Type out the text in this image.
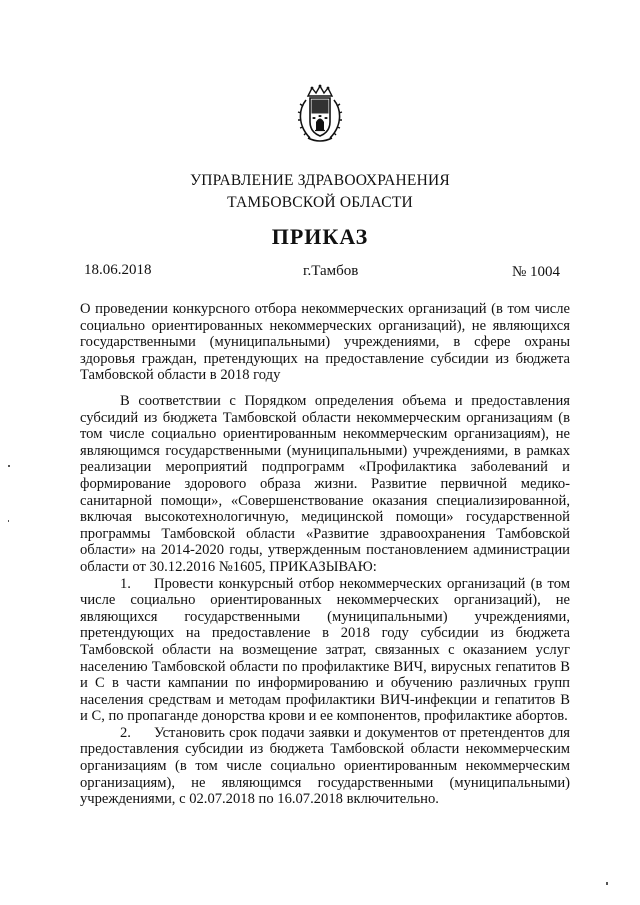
УПРАВЛЕНИЕ ЗДРАВООХРАНЕНИЯ
ТАМБОВСКОЙ ОБЛАСТИ
ПРИКАЗ
18.06.2018	г.Тамбов	№ 1004

О проведении конкурсного отбора некоммерческих организаций (в том числе социально ориентированных некоммерческих организаций), не являющихся государственными (муниципальными) учреждениями, в сфере охраны здоровья граждан, претендующих на предоставление субсидии из бюджета Тамбовской области в 2018 году

В соответствии с Порядком определения объема и предоставления субсидий из бюджета Тамбовской области некоммерческим организациям (в том числе социально ориентированным некоммерческим организациям), не являющимся государственными (муниципальными) учреждениями, в рамках реализации мероприятий подпрограмм «Профилактика заболеваний и формирование здорового образа жизни. Развитие первичной медико-санитарной помощи», «Совершенствование оказания специализированной, включая высокотехнологичную, медицинской помощи» государственной программы Тамбовской области «Развитие здравоохранения Тамбовской области» на 2014-2020 годы, утвержденным постановлением администрации области от 30.12.2016 №1605, ПРИКАЗЫВАЮ:

1. Провести конкурсный отбор некоммерческих организаций (в том числе социально ориентированных некоммерческих организаций), не являющихся государственными (муниципальными) учреждениями, претендующих на предоставление в 2018 году субсидии из бюджета Тамбовской области на возмещение затрат, связанных с оказанием услуг населению Тамбовской области по профилактике ВИЧ, вирусных гепатитов В и С в части кампании по информированию и обучению различных групп населения средствам и методам профилактики ВИЧ-инфекции и гепатитов В и С, по пропаганде донорства крови и ее компонентов, профилактике абортов.

2. Установить срок подачи заявки и документов от претендентов для предоставления субсидии из бюджета Тамбовской области некоммерческим организациям (в том числе социально ориентированным некоммерческим организациям), не являющимся государственными (муниципальными) учреждениями, с 02.07.2018 по 16.07.2018 включительно.
